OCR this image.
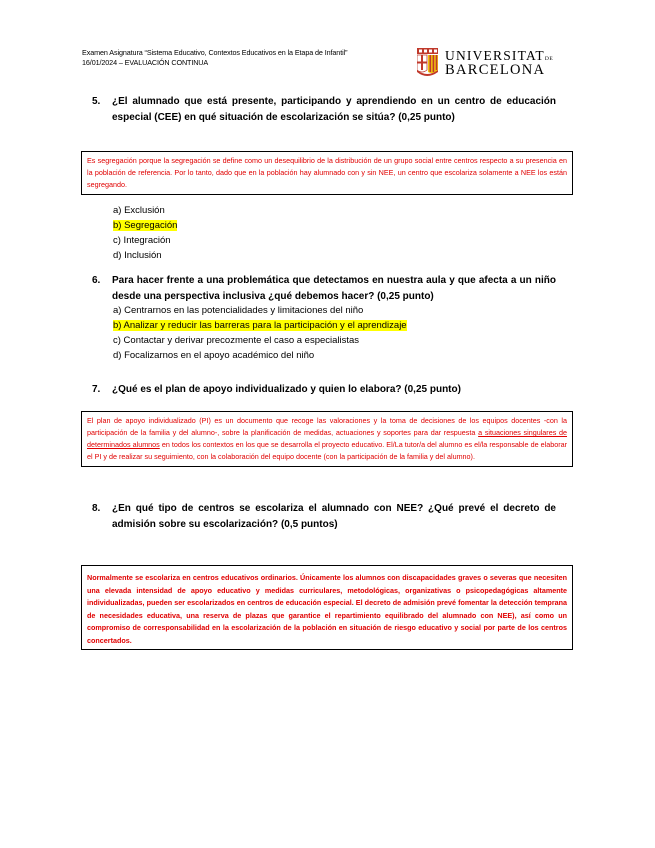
Examen Asignatura “Sistema Educativo, Contextos Educativos en la Etapa de Infantil”
16/01/2024 – EVALUACIÓN CONTINUA	UNIVERSITATDE
BARCELONA
5.	¿El alumnado que está presente, participando y aprendiendo en un centro de educación especial (CEE) en qué situación de escolarización se sitúa? (0,25 punto)
Es segregación porque la segregación se define como un desequilibrio de la distribución de un grupo social entre centros respecto a su presencia en la población de referencia. Por lo tanto, dado que en la población hay alumnado con y sin NEE, un centro que escolariza solamente a NEE los están segregando.
a) Exclusión
b) Segregación
c) Integración
d) Inclusión
6.	Para hacer frente a una problemática que detectamos en nuestra aula y que afecta a un niño desde una perspectiva inclusiva ¿qué debemos hacer? (0,25 punto)
a) Centrarnos en las potencialidades y limitaciones del niño
b) Analizar y reducir las barreras para la participación y el aprendizaje
c) Contactar y derivar precozmente el caso a especialistas
d) Focalizarnos en el apoyo académico del niño
7.	¿Qué es el plan de apoyo individualizado y quien lo elabora? (0,25 punto)
El plan de apoyo individualizado (PI) es un documento que recoge las valoraciones y la toma de decisiones de los equipos docentes -con la participación de la familia y del alumno-, sobre la planificación de medidas, actuaciones y soportes para dar respuesta a situaciones singulares de determinados alumnos en todos los contextos en los que se desarrolla el proyecto educativo. El/La tutor/a del alumno es el/la responsable de elaborar el PI y de realizar su seguimiento, con la colaboración del equipo docente (con la participación de la familia y del alumno).
8.	¿En qué tipo de centros se escolariza el alumnado con NEE? ¿Qué prevé el decreto de admisión sobre su escolarización? (0,5 puntos)
Normalmente se escolariza en centros educativos ordinarios. Únicamente los alumnos con discapacidades graves o severas que necesiten una elevada intensidad de apoyo educativo y medidas curriculares, metodológicas, organizativas o psicopedagógicas altamente individualizadas, pueden ser escolarizados en centros de educación especial. El decreto de admisión prevé fomentar la detección temprana de necesidades educativa, una reserva de plazas que garantice el repartimiento equilibrado del alumnado con NEE), así como un compromiso de corresponsabilidad en la escolarización de la población en situación de riesgo educativo y social por parte de los centros concertados.
